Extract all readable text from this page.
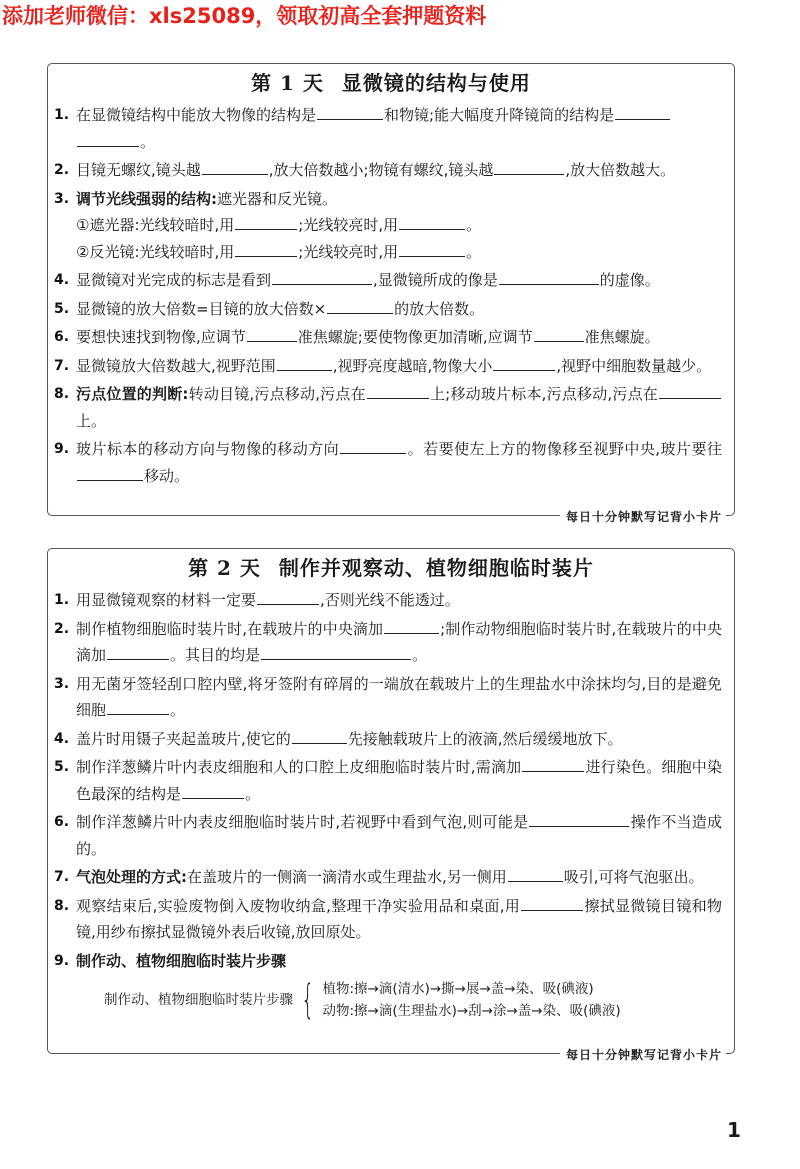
添加老师微信：xls25089，领取初高全套押题资料
第 1 天 显微镜的结构与使用
1. 在显微镜结构中能放大物像的结构是	和物镜;能大幅度升降镜筒的结构是
。
2. 目镜无螺纹,镜头越	,放大倍数越小;物镜有螺纹,镜头越	,放大倍数越大。
3. 调节光线强弱的结构:遮光器和反光镜。
①遮光器:光线较暗时,用	;光线较亮时,用	。
②反光镜:光线较暗时,用	;光线较亮时,用	。
4. 显微镜对光完成的标志是看到	,显微镜所成的像是	的虚像。
5. 显微镜的放大倍数=目镜的放大倍数×	的放大倍数。
6. 要想快速找到物像,应调节	准焦螺旋;要使物像更加清晰,应调节	准焦螺旋。
7. 显微镜放大倍数越大,视野范围	,视野亮度越暗,物像大小	,视野中细胞数量越少。
8. 污点位置的判断:转动目镜,污点移动,污点在	上;移动玻片标本,污点移动,污点在上。
9. 玻片标本的移动方向与物像的移动方向	。若要使左上方的物像移至视野中央,玻片要往移动。
每日十分钟默写记背小卡片
第 2 天 制作并观察动、植物细胞临时装片
1. 用显微镜观察的材料一定要	,否则光线不能透过。
2. 制作植物细胞临时装片时,在载玻片的中央滴加	;制作动物细胞临时装片时,在载玻片的中央滴加	。其目的均是	。
3. 用无菌牙签轻刮口腔内壁,将牙签附有碎屑的一端放在载玻片上的生理盐水中涂抹均匀,目的是避免细胞	。
4. 盖片时用镊子夹起盖玻片,使它的	先接触载玻片上的液滴,然后缓缓地放下。
5. 制作洋葱鳞片叶内表皮细胞和人的口腔上皮细胞临时装片时,需滴加	进行染色。细胞中染色最深的结构是	。
6. 制作洋葱鳞片叶内表皮细胞临时装片时,若视野中看到气泡,则可能是	操作不当造成的。
7. 气泡处理的方式:在盖玻片的一侧滴一滴清水或生理盐水,另一侧用	吸引,可将气泡驱出。
8. 观察结束后,实验废物倒入废物收纳盒,整理干净实验用品和桌面,用	擦拭显微镜目镜和物镜,用纱布擦拭显微镜外表后收镜,放回原处。
9. 制作动、植物细胞临时装片步骤
制作动、植物细胞临时装片步骤 { 植物:擦→滴(清水)→撕→展→盖→染、吸(碘液)
动物:擦→滴(生理盐水)→刮→涂→盖→染、吸(碘液)
每日十分钟默写记背小卡片
1
